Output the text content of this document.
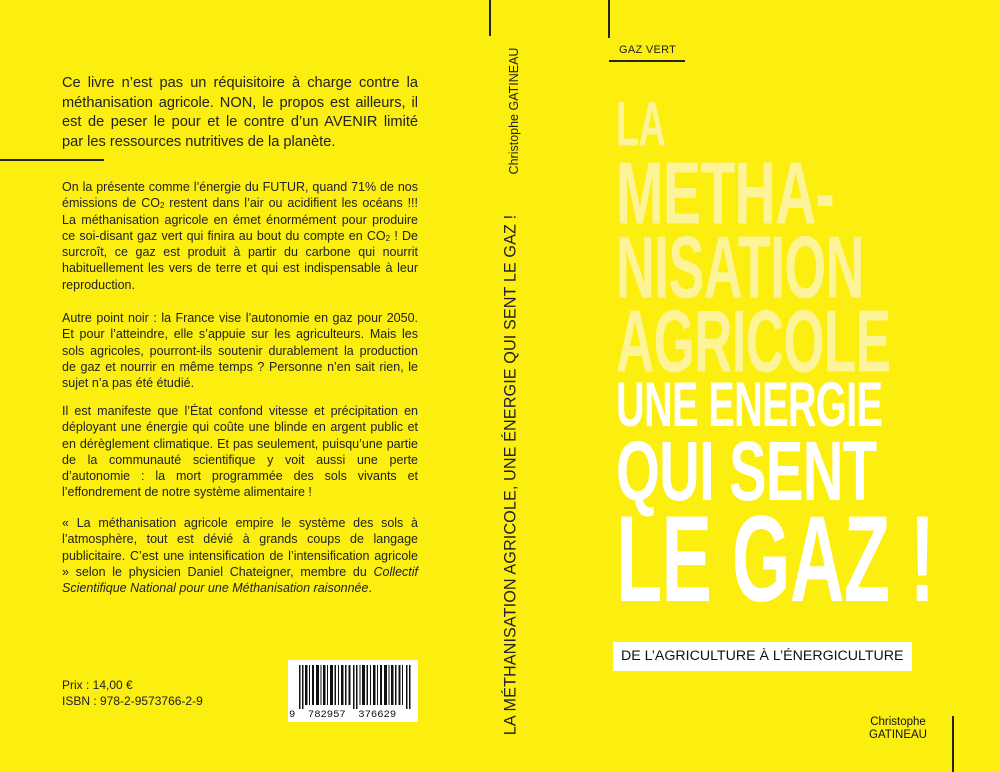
Ce livre n’est pas un réquisitoire à charge contre la méthanisation agricole. NON, le propos est ailleurs, il est de peser le pour et le contre d’un AVENIR limité par les ressources nutritives de la planète.

On la présente comme l’énergie du FUTUR, quand 71% de nos émissions de $CO_2$ restent dans l’air ou acidifient les océans !!! La méthanisation agricole en émet énormément pour produire ce soi-disant gaz vert qui finira au bout du compte en $CO_2$ ! De surcroît, ce gaz est produit à partir du carbone qui nourrit habituellement les vers de terre et qui est indispensable à leur reproduction.

Autre point noir : la France vise l’autonomie en gaz pour 2050. Et pour l’atteindre, elle s’appuie sur les agriculteurs. Mais les sols agricoles, pourront-ils soutenir durablement la production de gaz et nourrir en même temps ? Personne n’en sait rien, le sujet n’a pas été étudié.

Il est manifeste que l’État confond vitesse et précipitation en déployant une énergie qui coûte une blinde en argent public et en dérèglement climatique. Et pas seulement, puisqu’une partie de la communauté scientifique y voit aussi une perte d’autonomie : la mort programmée des sols vivants et l’effondrement de notre système alimentaire !

« La méthanisation agricole empire le système des sols à l’atmosphère, tout est dévié à grands coups de langage publicitaire. C’est une intensification de l’intensification agricole » selon le physicien Daniel Chateigner, membre du Collectif Scientifique National pour une Méthanisation raisonnée.

Prix : 14,00 €
ISBN : 978-2-9573766-2-9
9  782957  376629
Christophe GATINEAU
LA MÉTHANISATION AGRICOLE, UNE ÉNERGIE QUI SENT LE GAZ !
GAZ VERT
LA
METHA-
NISATION
AGRICOLE
UNE ENERGIE
QUI SENT
LE GAZ !
DE L’AGRICULTURE À L’ÉNERGICULTURE
Christophe
GATINEAU
